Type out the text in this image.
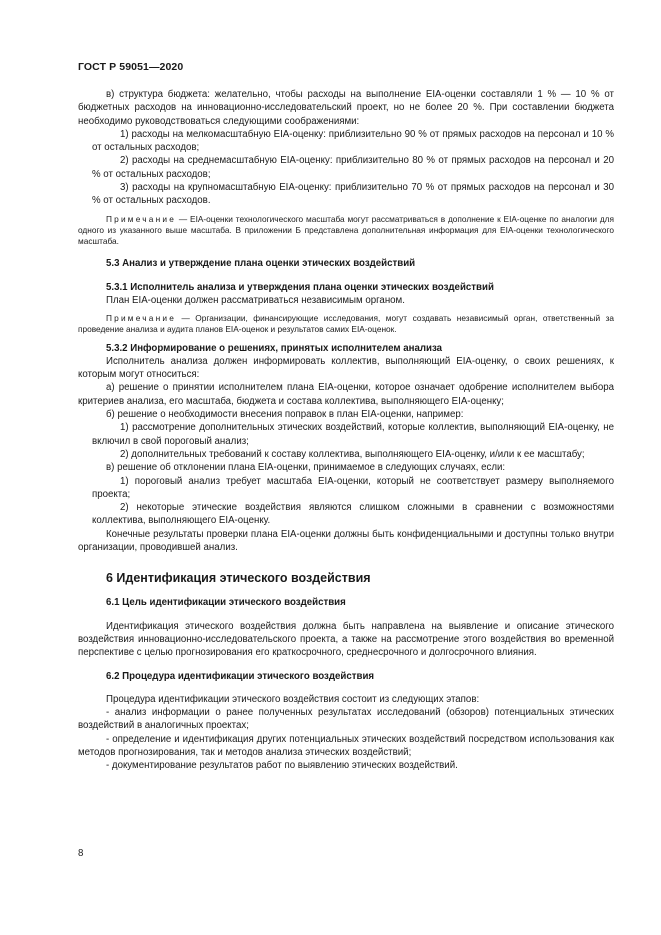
ГОСТ Р 59051—2020

в) структура бюджета: желательно, чтобы расходы на выполнение EIA-оценки составляли 1 % — 10 % от бюджетных расходов на инновационно-исследовательский проект, но не более 20 %. При составлении бюджета необходимо руководствоваться следующими соображениями:

1) расходы на мелкомасштабную EIA-оценку: приблизительно 90 % от прямых расходов на персонал и 10 % от остальных расходов;

2) расходы на среднемасштабную EIA-оценку: приблизительно 80 % от прямых расходов на персонал и 20 % от остальных расходов;

3) расходы на крупномасштабную EIA-оценку: приблизительно 70 % от прямых расходов на персонал и 30 % от остальных расходов.

Примечание — EIA-оценки технологического масштаба могут рассматриваться в дополнение к EIA-оценке по аналогии для одного из указанного выше масштаба. В приложении Б представлена дополнительная информация для EIA-оценки технологического масштаба.

5.3 Анализ и утверждение плана оценки этических воздействий

5.3.1 Исполнитель анализа и утверждения плана оценки этических воздействий

План EIA-оценки должен рассматриваться независимым органом.

Примечание — Организации, финансирующие исследования, могут создавать независимый орган, ответственный за проведение анализа и аудита планов EIA-оценок и результатов самих EIA-оценок.

5.3.2 Информирование о решениях, принятых исполнителем анализа

Исполнитель анализа должен информировать коллектив, выполняющий EIA-оценку, о своих решениях, к которым могут относиться:

а) решение о принятии исполнителем плана EIA-оценки, которое означает одобрение исполнителем выбора критериев анализа, его масштаба, бюджета и состава коллектива, выполняющего EIA-оценку;

б) решение о необходимости внесения поправок в план EIA-оценки, например:

1) рассмотрение дополнительных этических воздействий, которые коллектив, выполняющий EIA-оценку, не включил в свой пороговый анализ;

2) дополнительных требований к составу коллектива, выполняющего EIA-оценку, и/или к ее масштабу;

в) решение об отклонении плана EIA-оценки, принимаемое в следующих случаях, если:

1) пороговый анализ требует масштаба EIA-оценки, который не соответствует размеру выполняемого проекта;

2) некоторые этические воздействия являются слишком сложными в сравнении с возможностями коллектива, выполняющего EIA-оценку.

Конечные результаты проверки плана EIA-оценки должны быть конфиденциальными и доступны только внутри организации, проводившей анализ.

6 Идентификация этического воздействия

6.1 Цель идентификации этического воздействия

Идентификация этического воздействия должна быть направлена на выявление и описание этического воздействия инновационно-исследовательского проекта, а также на рассмотрение этого воздействия во временной перспективе с целью прогнозирования его краткосрочного, среднесрочного и долгосрочного влияния.

6.2 Процедура идентификации этического воздействия

Процедура идентификации этического воздействия состоит из следующих этапов:

- анализ информации о ранее полученных результатах исследований (обзоров) потенциальных этических воздействий в аналогичных проектах;

- определение и идентификация других потенциальных этических воздействий посредством использования как методов прогнозирования, так и методов анализа этических воздействий;

- документирование результатов работ по выявлению этических воздействий.

8
